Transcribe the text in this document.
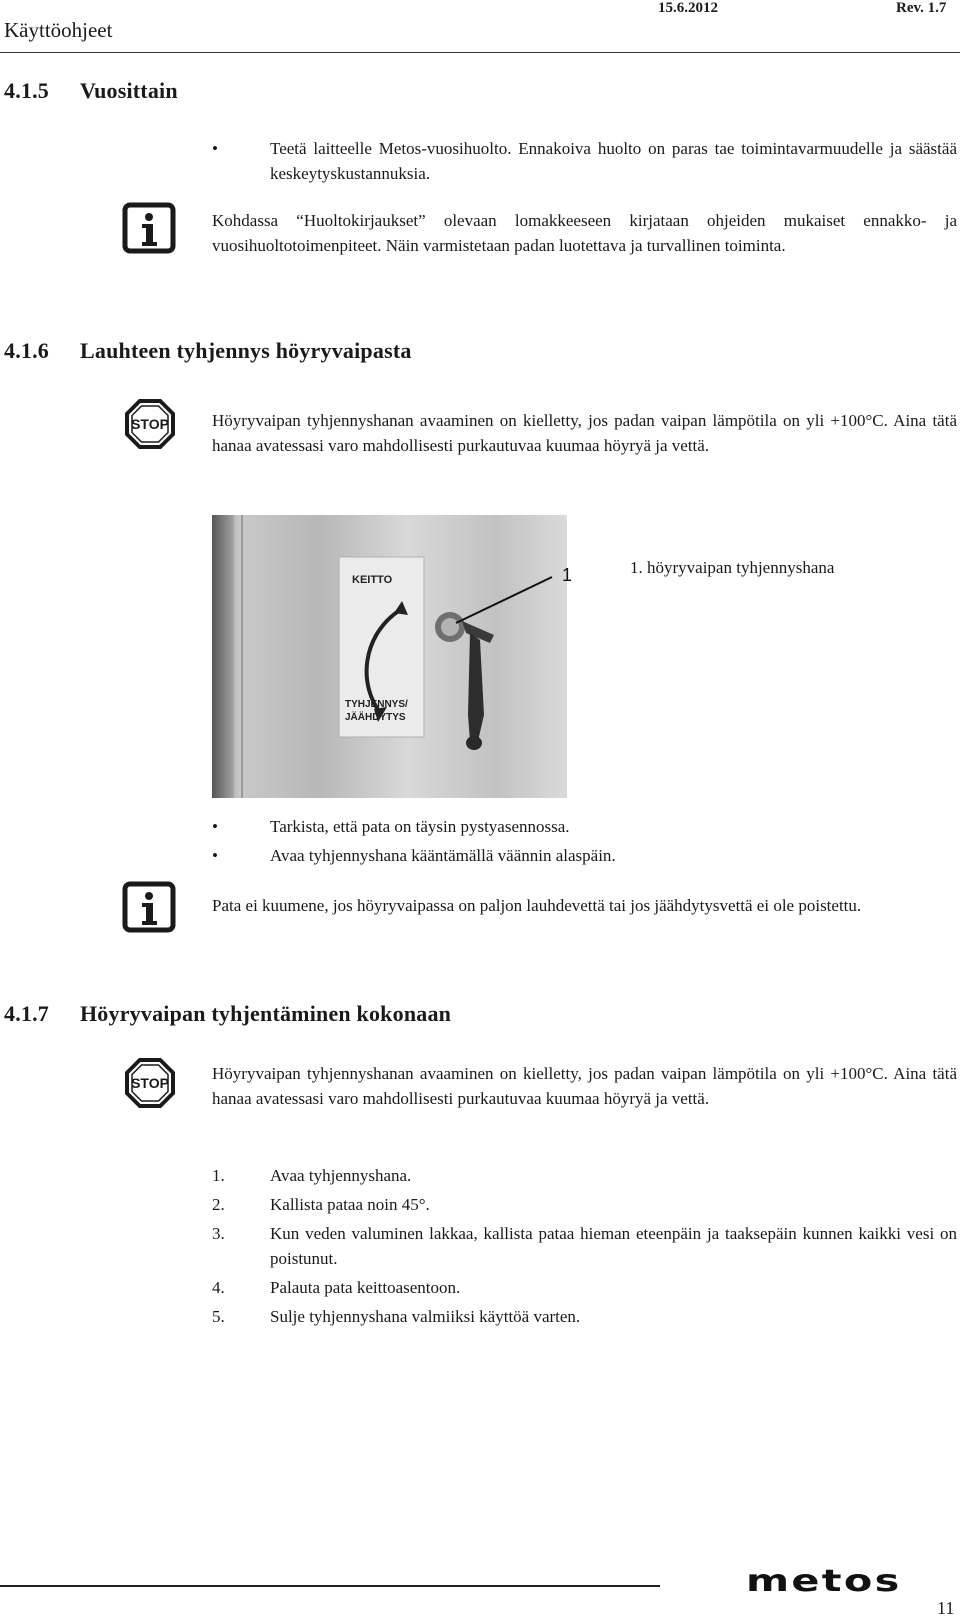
Käyttöohjeet
15.6.2012	Rev. 1.7
4.1.5 Vuosittain
•	Teetä laitteelle Metos-vuosihuolto. Ennakoiva huolto on paras tae toimintavarmuudelle ja säästää keskeytyskustannuksia.
Kohdassa “Huoltokirjaukset” olevaan lomakkeeseen kirjataan ohjeiden mukaiset ennakko- ja vuosihuoltotoimenpiteet. Näin varmistetaan padan luotettava ja turvallinen toiminta.
4.1.6 Lauhteen tyhjennys höyryvaipasta
STOP	Höyryvaipan tyhjennyshanan avaaminen on kielletty, jos padan vaipan lämpötila on yli +100°C. Aina tätä hanaa avatessasi varo mahdollisesti purkautuvaa kuumaa höyryä ja vettä.
KEITTO
TYHJENNYS/
JÄÄHDYTYS
1	1. höyryvaipan tyhjennyshana
•	Tarkista, että pata on täysin pystyasennossa.
•	Avaa tyhjennyshana kääntämällä väännin alaspäin.
Pata ei kuumene, jos höyryvaipassa on paljon lauhdevettä tai jos jäähdytysvettä ei ole poistettu.
4.1.7 Höyryvaipan tyhjentäminen kokonaan
STOP	Höyryvaipan tyhjennyshanan avaaminen on kielletty, jos padan vaipan lämpötila on yli +100°C. Aina tätä hanaa avatessasi varo mahdollisesti purkautuvaa kuumaa höyryä ja vettä.
1.	Avaa tyhjennyshana.
2.	Kallista pataa noin 45°.
3.	Kun veden valuminen lakkaa, kallista pataa hieman eteenpäin ja taaksepäin kunnen kaikki vesi on poistunut.
4.	Palauta pata keittoasentoon.
5.	Sulje tyhjennyshana valmiiksi käyttöä varten.
metos
11
